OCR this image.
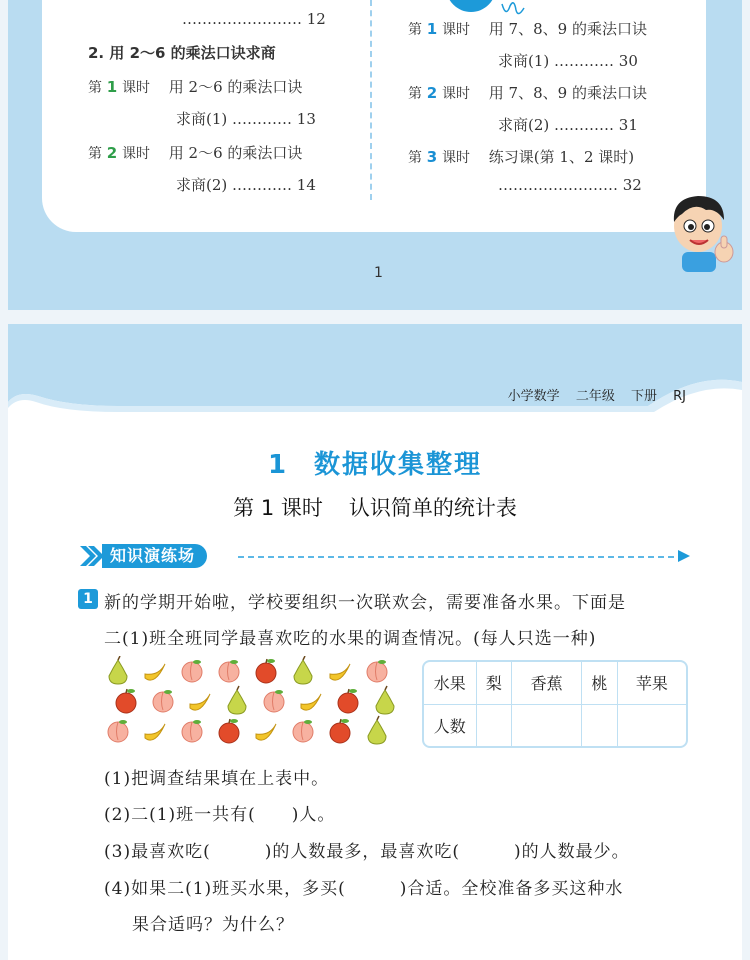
…………………… 12
2. 用 2～6 的乘法口诀求商
第 1 课时 用 2～6 的乘法口诀
求商(1) ………… 13
第 2 课时 用 2～6 的乘法口诀
求商(2) ………… 14
第 1 课时 用 7、8、9 的乘法口诀
求商(1) ………… 30
第 2 课时 用 7、8、9 的乘法口诀
求商(2) ………… 31
第 3 课时 练习课(第 1、2 课时)
…………………… 32
1
小学数学 二年级 下册 RJ
1 数据收集整理
第 1 课时 认识简单的统计表
知识演练场
1 新的学期开始啦，学校要组织一次联欢会，需要准备水果。下面是
二(1)班全班同学最喜欢吃的水果的调查情况。(每人只选一种)
水果	梨	香蕉	桃	苹果
人数				
(1)把调查结果填在上表中。
(2)二(1)班一共有(　　)人。
(3)最喜欢吃(　　　)的人数最多，最喜欢吃(　　　)的人数最少。
(4)如果二(1)班买水果，多买(　　　)合适。全校准备多买这种水
果合适吗？为什么？
